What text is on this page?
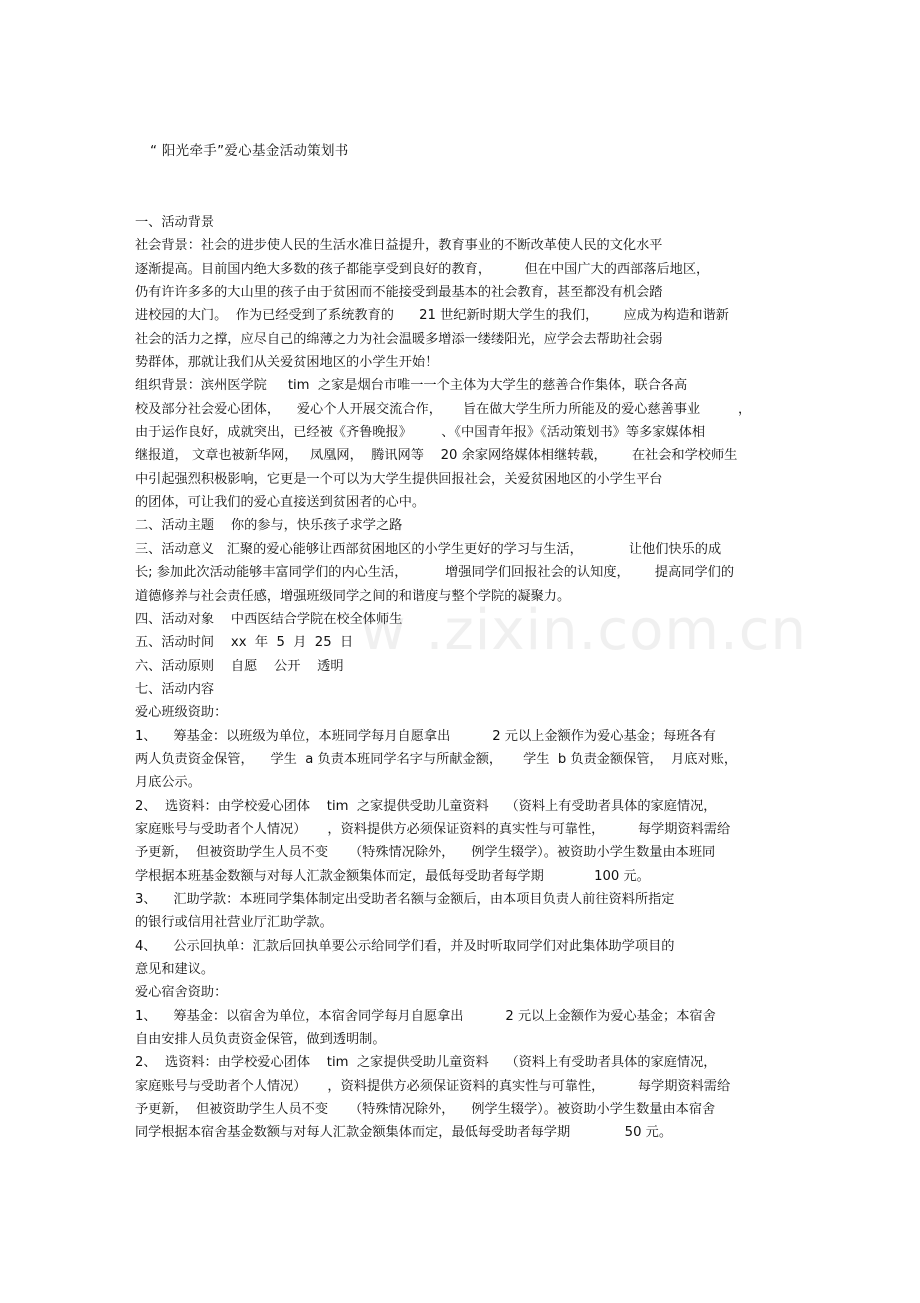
w .zixin.com.cn
“ 阳光牵手”爱心基金活动策划书
一、活动背景
社会背景：社会的进步使人民的生活水准日益提升，教育事业的不断改革使人民的文化水平
逐渐提高。目前国内绝大多数的孩子都能享受到良好的教育，        但在中国广大的西部落后地区，
仍有许许多多的大山里的孩子由于贫困而不能接受到最基本的社会教育，甚至都没有机会踏
进校园的大门。  作为已经受到了系统教育的      21 世纪新时期大学生的我们，      应成为构造和谐新
社会的活力之撑，应尽自己的绵薄之力为社会温暖多增添一缕缕阳光，应学会去帮助社会弱
势群体，那就让我们从关爱贫困地区的小学生开始！
组织背景：滨州医学院     tim  之家是烟台市唯一一个主体为大学生的慈善合作集体，联合各高
校及部分社会爱心团体，    爱心个人开展交流合作，     旨在做大学生所力所能及的爱心慈善事业         ，
由于运作良好，成就突出，已经被《齐鲁晚报》       、《中国青年报》《活动策划书》等多家媒体相
继报道， 文章也被新华网，   凤凰网，  腾讯网等    20 余家网络媒体相继转载，      在社会和学校师生
中引起强烈积极影响，它更是一个可以为大学生提供回报社会，关爱贫困地区的小学生平台
的团体，可让我们的爱心直接送到贫困者的心中。
二、活动主题    你的参与，快乐孩子求学之路
三、活动意义   汇聚的爱心能够让西部贫困地区的小学生更好的学习与生活，           让他们快乐的成
长; 参加此次活动能够丰富同学们的内心生活，         增强同学们回报社会的认知度，      提高同学们的
道德修养与社会责任感，增强班级同学之间的和谐度与整个学院的凝聚力。
四、活动对象    中西医结合学院在校全体师生
五、活动时间    xx  年  5  月  25  日
六、活动原则    自愿    公开    透明
七、活动内容
爱心班级资助：
1、    筹基金：以班级为单位，本班同学每月自愿拿出          2 元以上金额作为爱心基金；每班各有
两人负责资金保管，    学生  a 负责本班同学名字与所献金额，     学生  b 负责金额保管，  月底对账，
月底公示。
2、  选资料：由学校爱心团体    tim  之家提供受助儿童资料    （资料上有受助者具体的家庭情况，
家庭账号与受助者个人情况）     ，资料提供方必须保证资料的真实性与可靠性，        每学期资料需给
予更新，  但被资助学生人员不变     （特殊情况除外，    例学生辍学）。被资助小学生数量由本班同
学根据本班基金数额与对每人汇款金额集体而定，最低每受助者每学期            100 元。
3、    汇助学款：本班同学集体制定出受助者名额与金额后，由本项目负责人前往资料所指定
的银行或信用社营业厅汇助学款。
4、    公示回执单：汇款后回执单要公示给同学们看，并及时听取同学们对此集体助学项目的
意见和建议。
爱心宿舍资助：
1、    筹基金：以宿舍为单位，本宿舍同学每月自愿拿出          2 元以上金额作为爱心基金；本宿舍
自由安排人员负责资金保管，做到透明制。
2、  选资料：由学校爱心团体    tim  之家提供受助儿童资料    （资料上有受助者具体的家庭情况，
家庭账号与受助者个人情况）     ，资料提供方必须保证资料的真实性与可靠性，        每学期资料需给
予更新，  但被资助学生人员不变     （特殊情况除外，    例学生辍学）。被资助小学生数量由本宿舍
同学根据本宿舍基金数额与对每人汇款金额集体而定，最低每受助者每学期             50 元。
